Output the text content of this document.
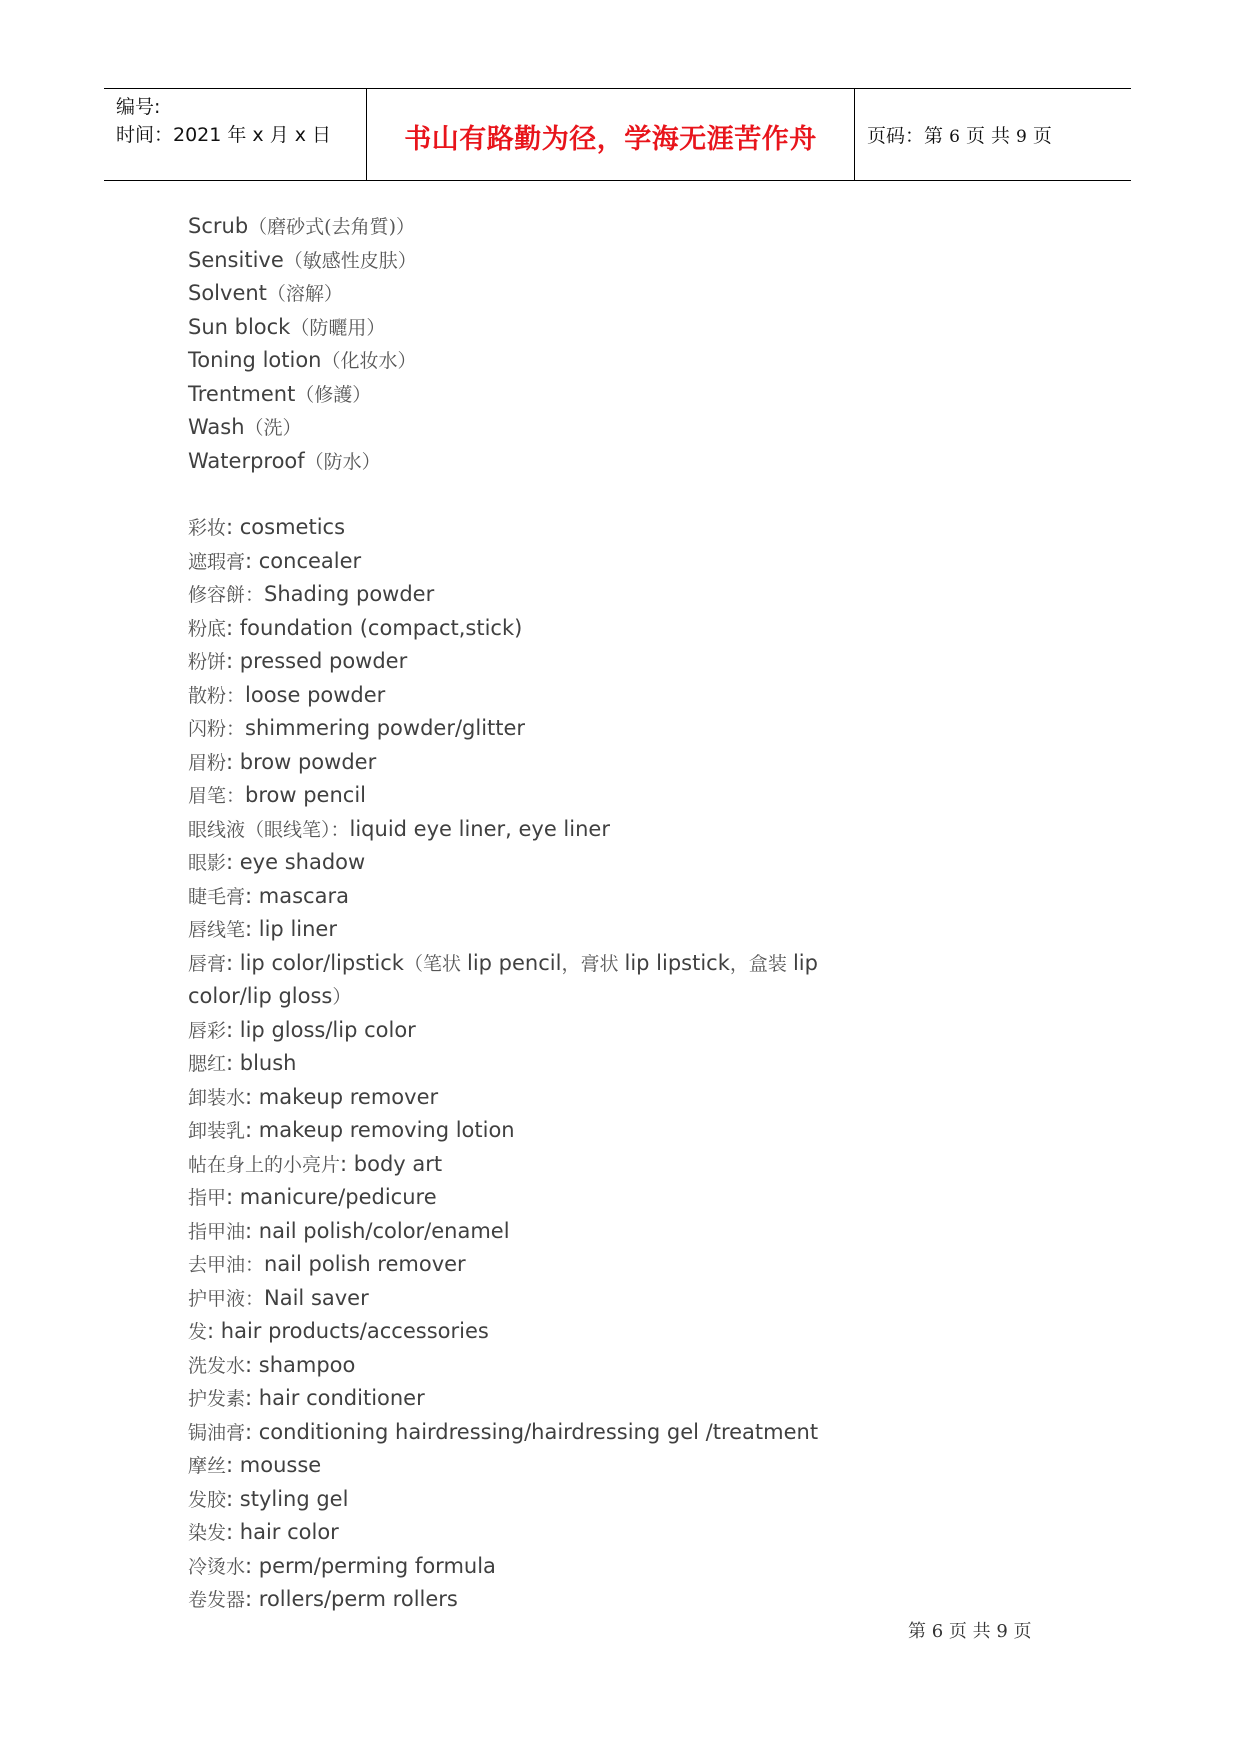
编号:
时间：2021 年 x 月 x 日	书山有路勤为径，学海无涯苦作舟	页码：第 6 页 共 9 页
Scrub（磨砂式(去角質)）
Sensitive（敏感性皮肤）
Solvent（溶解）
Sun block（防曬用）
Toning lotion（化妆水）
Trentment（修護）
Wash（洗）
Waterproof（防水）
彩妆: cosmetics
遮瑕膏: concealer
修容餅：Shading powder
粉底: foundation (compact,stick)
粉饼: pressed powder
散粉：loose powder
闪粉：shimmering powder/glitter
眉粉: brow powder
眉笔：brow pencil
眼线液（眼线笔）：liquid eye liner, eye liner
眼影: eye shadow
睫毛膏: mascara
唇线笔: lip liner
唇膏: lip color/lipstick（笔状 lip pencil，膏状 lip lipstick，盒装 lip color/lip gloss）
唇彩: lip gloss/lip color
腮红: blush
卸装水: makeup remover
卸装乳: makeup removing lotion
帖在身上的小亮片: body art
指甲: manicure/pedicure
指甲油: nail polish/color/enamel
去甲油：nail polish remover
护甲液：Nail saver
发: hair products/accessories
洗发水: shampoo
护发素: hair conditioner
锔油膏: conditioning hairdressing/hairdressing gel /treatment
摩丝: mousse
发胶: styling gel
染发: hair color
冷烫水: perm/perming formula
卷发器: rollers/perm rollers
第 6 页 共 9 页
